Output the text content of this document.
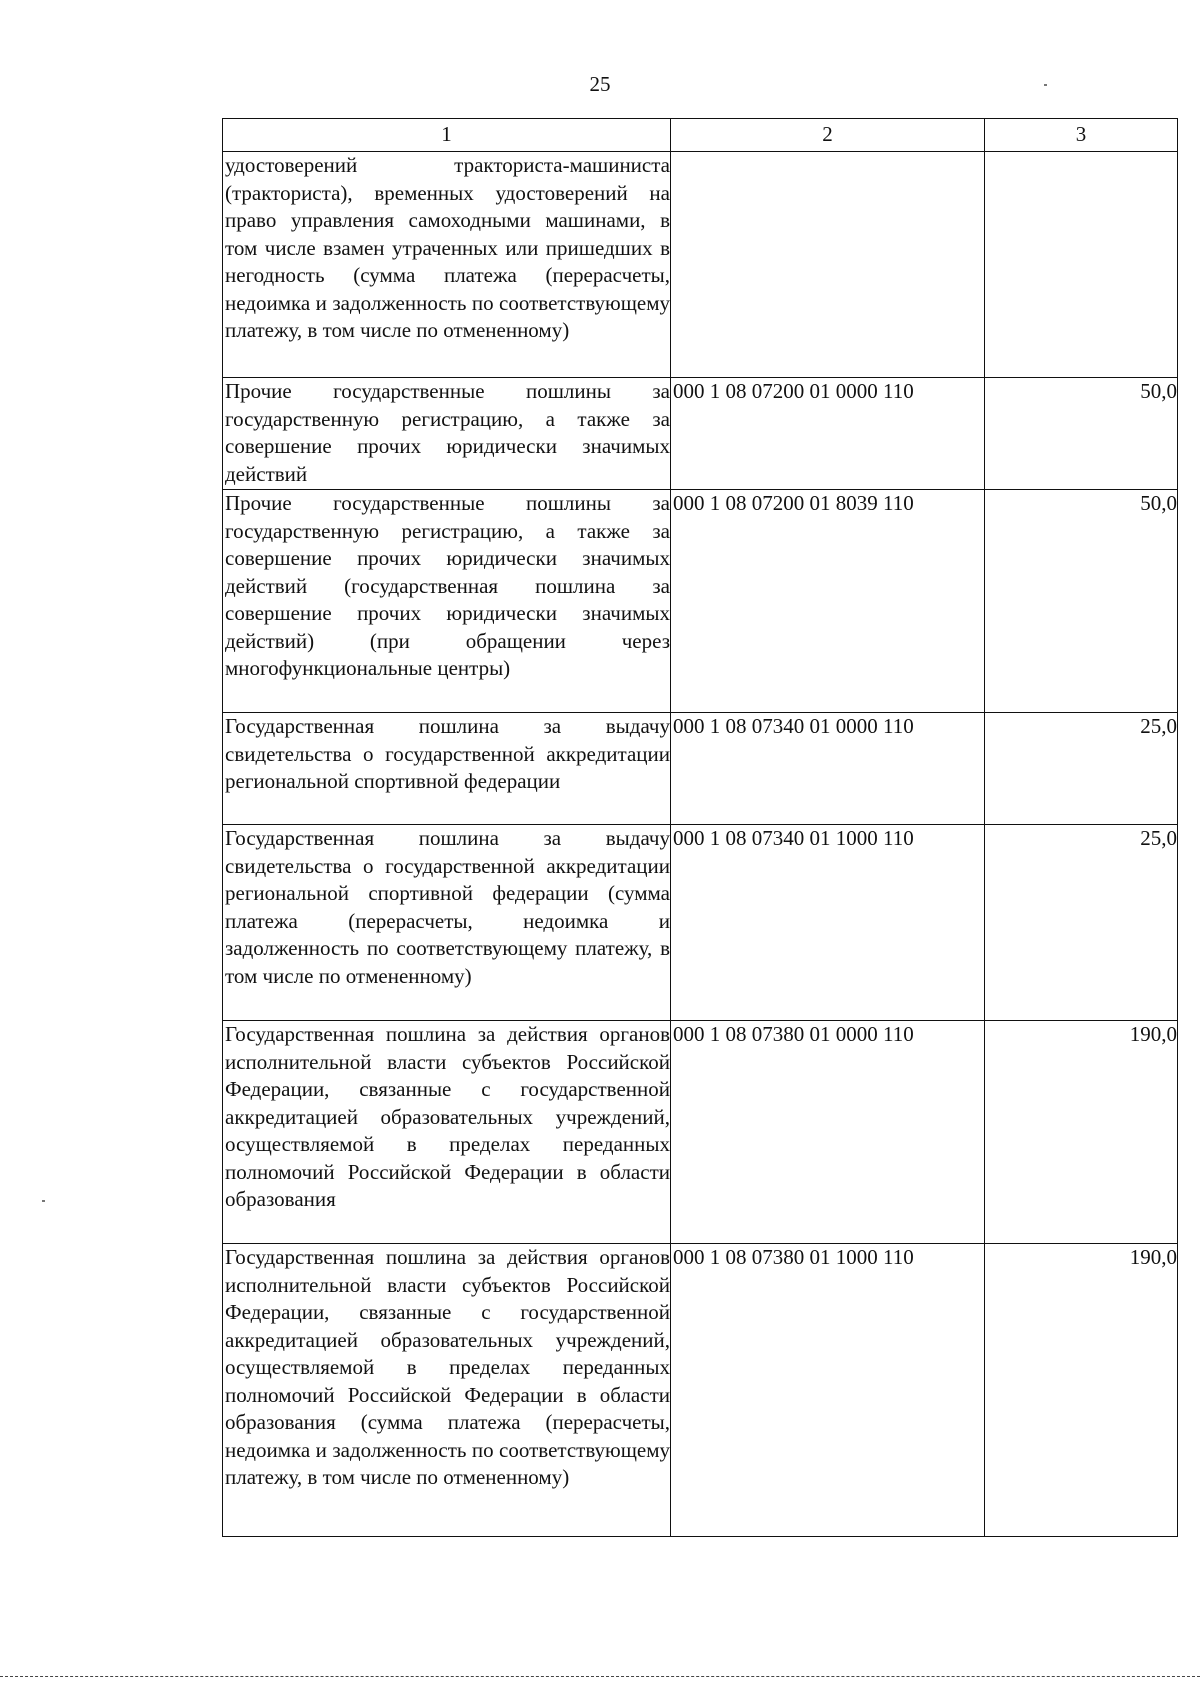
25
1	2	3
удостоверений тракториста-машиниста (тракториста), временных удостоверений на право управления самоходными машинами, в том числе взамен утраченных или пришедших в негодность (сумма платежа (перерасчеты, недоимка и задолженность по соответствующему платежу, в том числе по отмененному)		
Прочие государственные пошлины за государственную регистрацию, а также за совершение прочих юридически значимых действий	000 1 08 07200 01 0000 110	50,0
Прочие государственные пошлины за государственную регистрацию, а также за совершение прочих юридически значимых действий (государственная пошлина за совершение прочих юридически значимых действий) (при обращении через многофункциональные центры)	000 1 08 07200 01 8039 110	50,0
Государственная пошлина за выдачу свидетельства о государственной аккредитации региональной спортивной федерации	000 1 08 07340 01 0000 110	25,0
Государственная пошлина за выдачу свидетельства о государственной аккредитации региональной спортивной федерации (сумма платежа (перерасчеты, недоимка и задолженность по соответствующему платежу, в том числе по отмененному)	000 1 08 07340 01 1000 110	25,0
Государственная пошлина за действия органов исполнительной власти субъектов Российской Федерации, связанные с государственной аккредитацией образовательных учреждений, осуществляемой в пределах переданных полномочий Российской Федерации в области образования	000 1 08 07380 01 0000 110	190,0
Государственная пошлина за действия органов исполнительной власти субъектов Российской Федерации, связанные с государственной аккредитацией образовательных учреждений, осуществляемой в пределах переданных полномочий Российской Федерации в области образования (сумма платежа (перерасчеты, недоимка и задолженность по соответствующему платежу, в том числе по отмененному)	000 1 08 07380 01 1000 110	190,0
